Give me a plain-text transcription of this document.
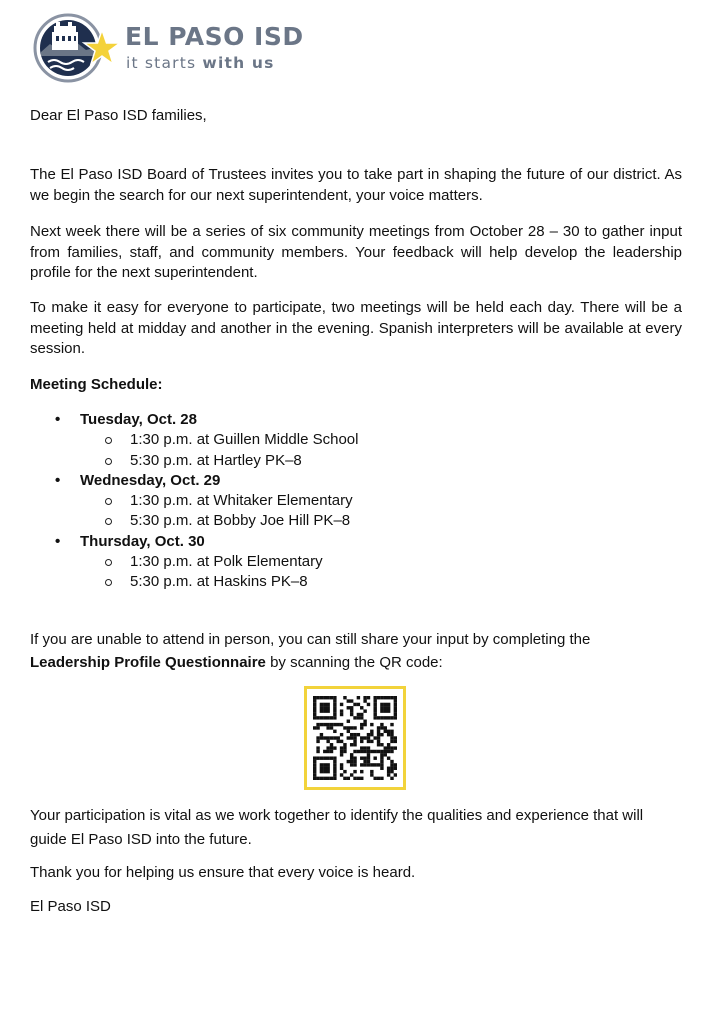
EL PASO ISD
it starts with us

Dear El Paso ISD families,

The El Paso ISD Board of Trustees invites you to take part in shaping the future of our district. As we begin the search for our next superintendent, your voice matters.

Next week there will be a series of six community meetings from October 28 – 30 to gather input from families, staff, and community members. Your feedback will help develop the leadership profile for the next superintendent.

To make it easy for everyone to participate, two meetings will be held each day. There will be a meeting held at midday and another in the evening. Spanish interpreters will be available at every session.

Meeting Schedule:

• Tuesday, Oct. 28
1:30 p.m. at Guillen Middle School
5:30 p.m. at Hartley PK–8
• Wednesday, Oct. 29
1:30 p.m. at Whitaker Elementary
5:30 p.m. at Bobby Joe Hill PK–8
• Thursday, Oct. 30
1:30 p.m. at Polk Elementary
5:30 p.m. at Haskins PK–8

If you are unable to attend in person, you can still share your input by completing the
Leadership Profile Questionnaire by scanning the QR code:

Your participation is vital as we work together to identify the qualities and experience that will guide El Paso ISD into the future.

Thank you for helping us ensure that every voice is heard.

El Paso ISD
